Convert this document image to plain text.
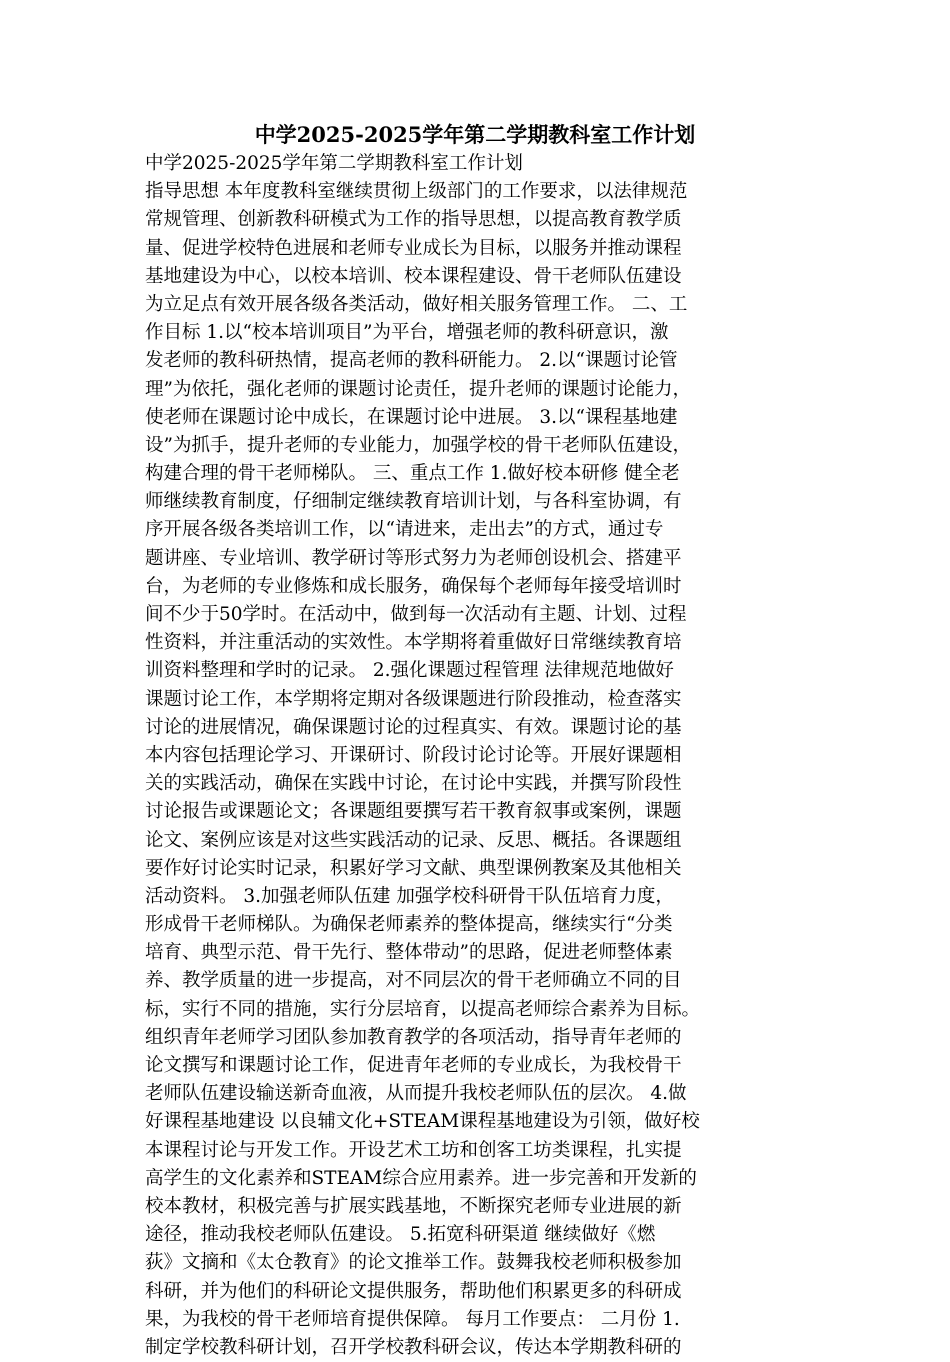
中学2025-2025学年第二学期教科室工作计划
中学2025-2025学年第二学期教科室工作计划
指导思想 本年度教科室继续贯彻上级部门的工作要求，以法律规范
常规管理、创新教科研模式为工作的指导思想，以提高教育教学质
量、促进学校特色进展和老师专业成长为目标，以服务并推动课程
基地建设为中心，以校本培训、校本课程建设、骨干老师队伍建设
为立足点有效开展各级各类活动，做好相关服务管理工作。 二、工
作目标 1.以“校本培训项目”为平台，增强老师的教科研意识，激
发老师的教科研热情，提高老师的教科研能力。 2.以“课题讨论管
理”为依托，强化老师的课题讨论责任，提升老师的课题讨论能力，
使老师在课题讨论中成长，在课题讨论中进展。 3.以“课程基地建
设”为抓手，提升老师的专业能力，加强学校的骨干老师队伍建设，
构建合理的骨干老师梯队。 三、重点工作 1.做好校本研修 健全老
师继续教育制度，仔细制定继续教育培训计划，与各科室协调，有
序开展各级各类培训工作，以“请进来，走出去”的方式，通过专
题讲座、专业培训、教学研讨等形式努力为老师创设机会、搭建平
台，为老师的专业修炼和成长服务，确保每个老师每年接受培训时
间不少于50学时。在活动中，做到每一次活动有主题、计划、过程
性资料，并注重活动的实效性。本学期将着重做好日常继续教育培
训资料整理和学时的记录。 2.强化课题过程管理 法律规范地做好
课题讨论工作，本学期将定期对各级课题进行阶段推动，检查落实
讨论的进展情况，确保课题讨论的过程真实、有效。课题讨论的基
本内容包括理论学习、开课研讨、阶段讨论讨论等。开展好课题相
关的实践活动，确保在实践中讨论，在讨论中实践，并撰写阶段性
讨论报告或课题论文；各课题组要撰写若干教育叙事或案例，课题
论文、案例应该是对这些实践活动的记录、反思、概括。各课题组
要作好讨论实时记录，积累好学习文献、典型课例教案及其他相关
活动资料。 3.加强老师队伍建 加强学校科研骨干队伍培育力度，
形成骨干老师梯队。为确保老师素养的整体提高，继续实行“分类
培育、典型示范、骨干先行、整体带动”的思路，促进老师整体素
养、教学质量的进一步提高，对不同层次的骨干老师确立不同的目
标，实行不同的措施，实行分层培育，以提高老师综合素养为目标。
组织青年老师学习团队参加教育教学的各项活动，指导青年老师的
论文撰写和课题讨论工作，促进青年老师的专业成长，为我校骨干
老师队伍建设输送新奇血液，从而提升我校老师队伍的层次。 4.做
好课程基地建设 以良辅文化+STEAM课程基地建设为引领，做好校
本课程讨论与开发工作。开设艺术工坊和创客工坊类课程，扎实提
高学生的文化素养和STEAM综合应用素养。进一步完善和开发新的
校本教材，积极完善与扩展实践基地，不断探究老师专业进展的新
途径，推动我校老师队伍建设。 5.拓宽科研渠道 继续做好《燃
荻》文摘和《太仓教育》的论文推举工作。鼓舞我校老师积极参加
科研，并为他们的科研论文提供服务，帮助他们积累更多的科研成
果，为我校的骨干老师培育提供保障。 每月工作要点： 二月份 1.
制定学校教科研计划，召开学校教科研会议，传达本学期教科研的
